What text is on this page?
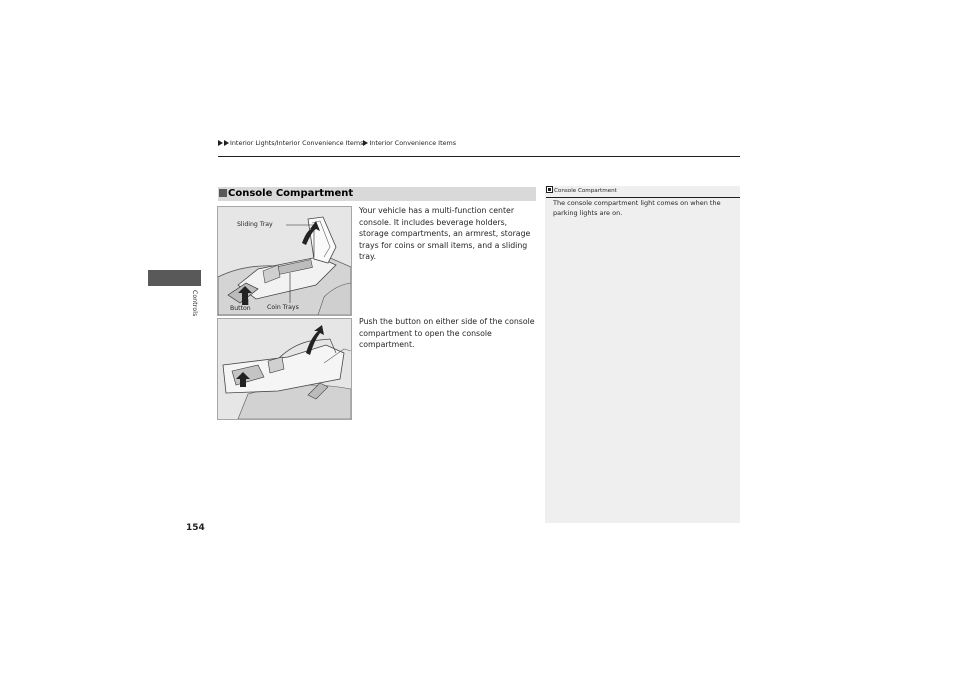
Interior Lights/Interior Convenience Items Interior Convenience Items
Controls
Console Compartment
Sliding Tray
Button	Coin Trays
Your vehicle has a multi-function center console. It includes beverage holders, storage compartments, an armrest, storage trays for coins or small items, and a sliding tray.
Push the button on either side of the console compartment to open the console compartment.
Console Compartment
The console compartment light comes on when the parking lights are on.
154
